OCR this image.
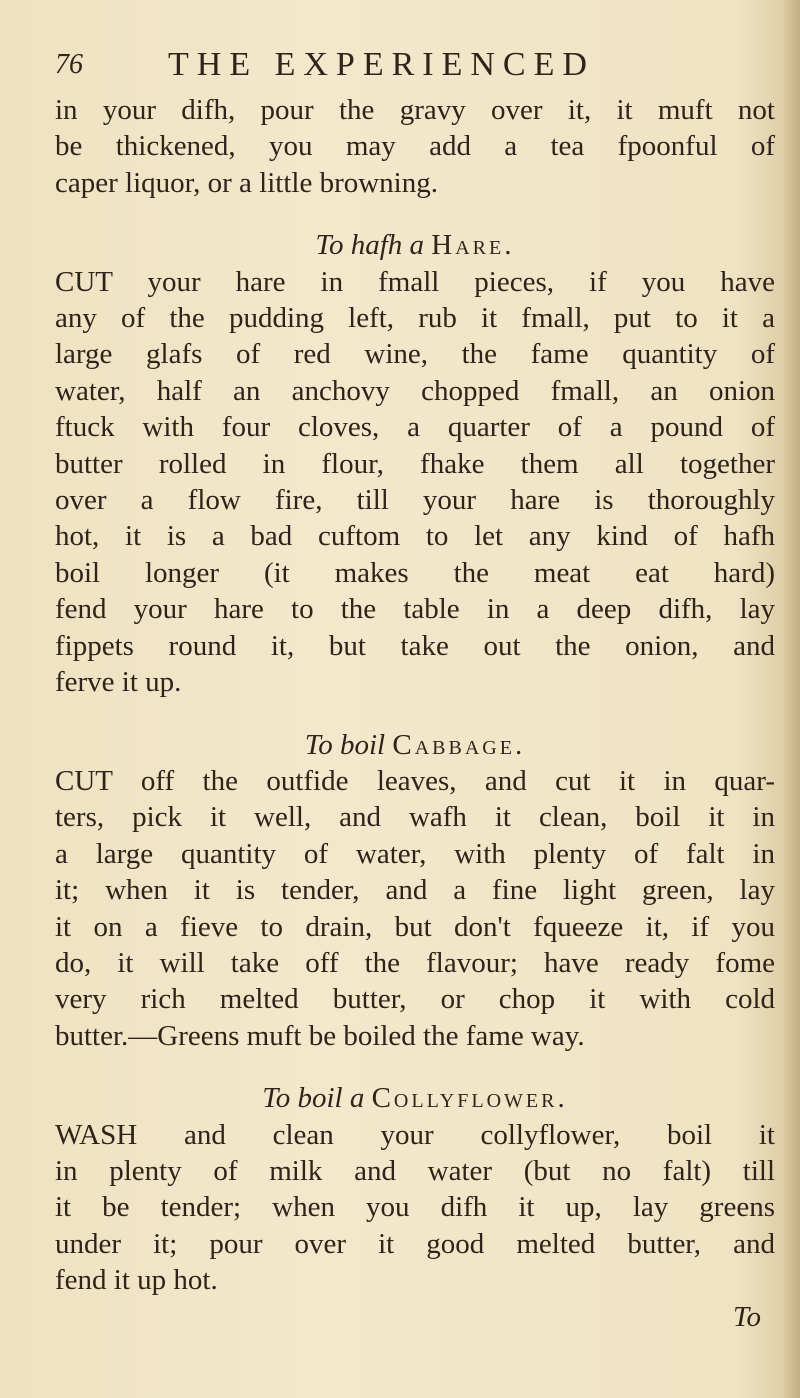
76	THE EXPERIENCED
in your difh, pour the gravy over it, it muft not
be thickened, you may add a tea fpoonful of
caper liquor, or a little browning.
To hafh a Hare.
CUT your hare in fmall pieces, if you have
any of the pudding left, rub it fmall, put to it a
large glafs of red wine, the fame quantity of
water, half an anchovy chopped fmall, an onion
ftuck with four cloves, a quarter of a pound of
butter rolled in flour, fhake them all together
over a flow fire, till your hare is thoroughly
hot, it is a bad cuftom to let any kind of hafh
boil longer (it makes the meat eat hard)
fend your hare to the table in a deep difh, lay
fippets round it, but take out the onion, and
ferve it up.
To boil Cabbage.
CUT off the outfide leaves, and cut it in quar-
ters, pick it well, and wafh it clean, boil it in
a large quantity of water, with plenty of falt in
it; when it is tender, and a fine light green, lay
it on a fieve to drain, but don't fqueeze it, if you
do, it will take off the flavour; have ready fome
very rich melted butter, or chop it with cold
butter.—Greens muft be boiled the fame way.
To boil a Collyflower.
WASH and clean your collyflower, boil it
in plenty of milk and water (but no falt) till
it be tender; when you difh it up, lay greens
under it; pour over it good melted butter, and
fend it up hot.
To
